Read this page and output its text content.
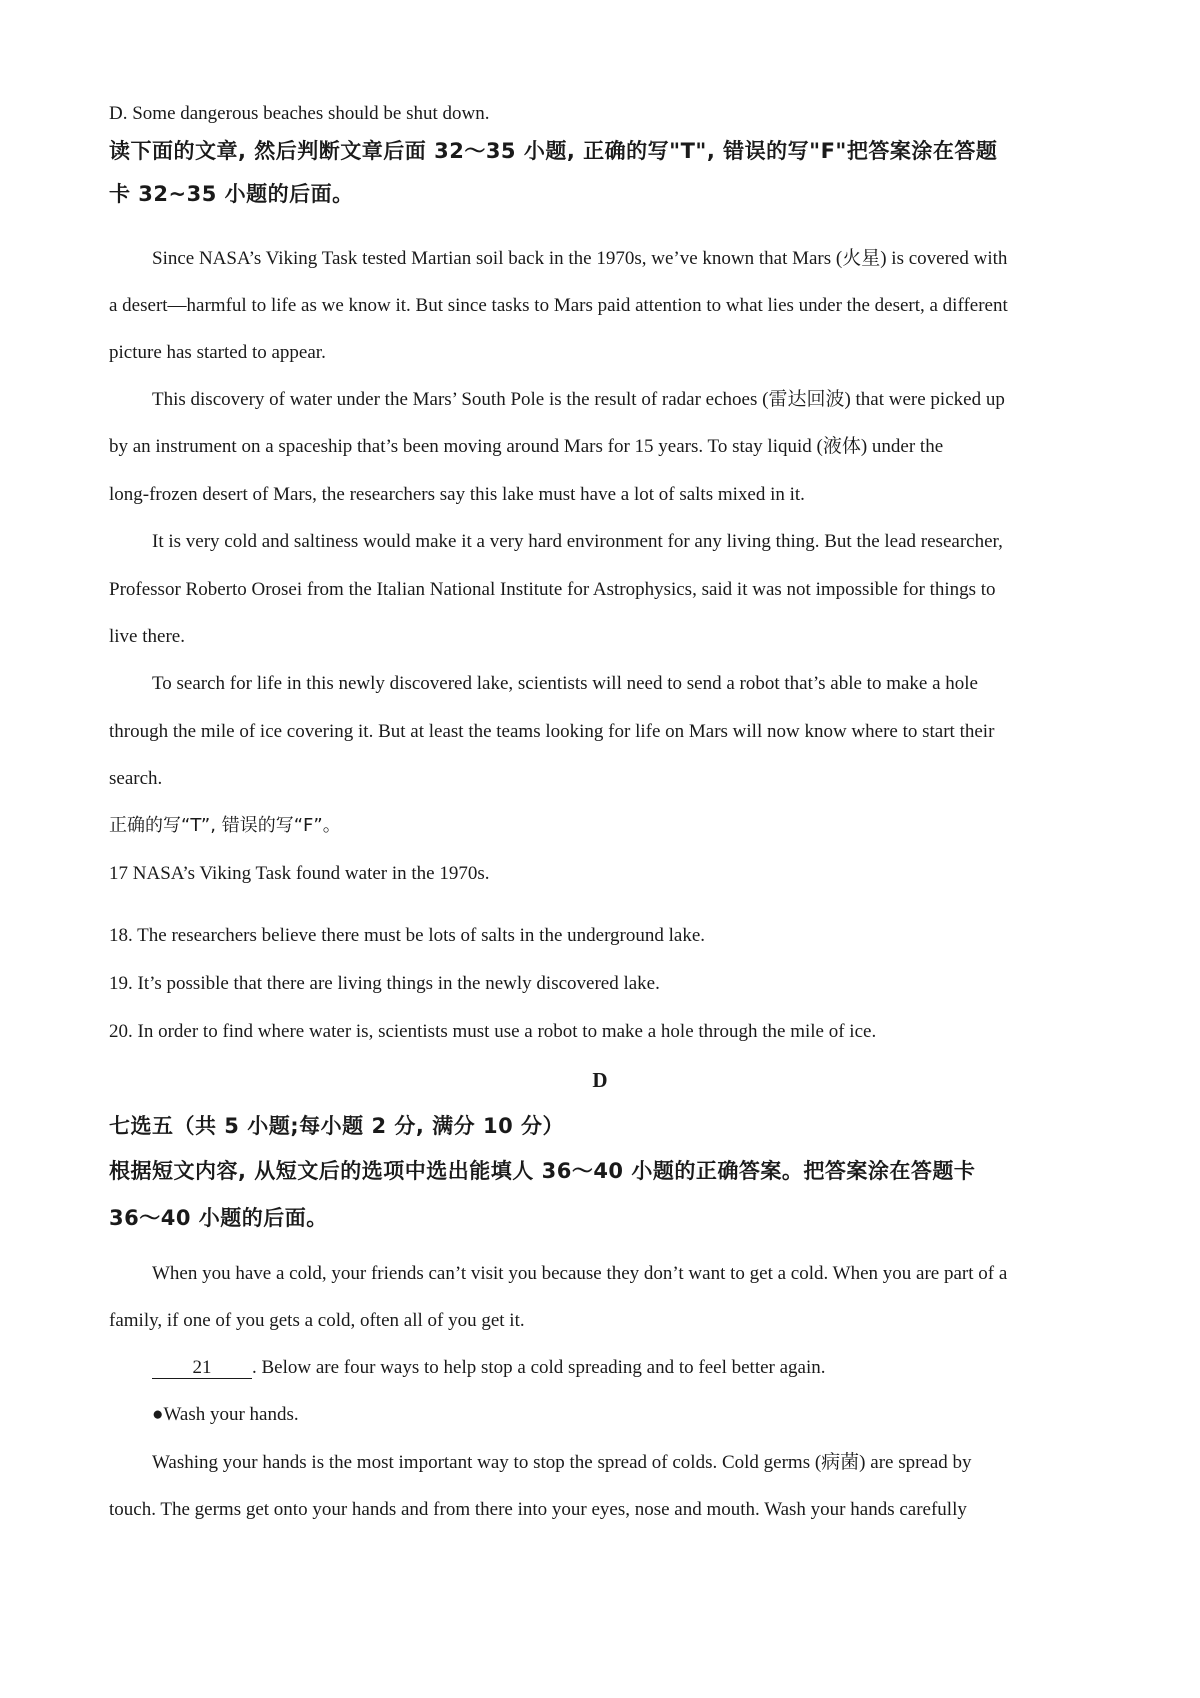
D. Some dangerous beaches should be shut down.
读下面的文章, 然后判断文章后面 32～35 小题, 正确的写"T", 错误的写"F"把答案涂在答题
卡 32~35 小题的后面。
Since NASA’s Viking Task tested Martian soil back in the 1970s, we’ve known that Mars (火星) is covered with
a desert—harmful to life as we know it. But since tasks to Mars paid attention to what lies under the desert, a different
picture has started to appear.
This discovery of water under the Mars’ South Pole is the result of radar echoes (雷达回波) that were picked up
by an instrument on a spaceship that’s been moving around Mars for 15 years. To stay liquid (液体) under the
long-frozen desert of Mars, the researchers say this lake must have a lot of salts mixed in it.
It is very cold and saltiness would make it a very hard environment for any living thing. But the lead researcher,
Professor Roberto Orosei from the Italian National Institute for Astrophysics, said it was not impossible for things to
live there.
To search for life in this newly discovered lake, scientists will need to send a robot that’s able to make a hole
through the mile of ice covering it. But at least the teams looking for life on Mars will now know where to start their
search.
正确的写“T”, 错误的写“F”。
17 NASA’s Viking Task found water in the 1970s.
18. The researchers believe there must be lots of salts in the underground lake.
19. It’s possible that there are living things in the newly discovered lake.
20. In order to find where water is, scientists must use a robot to make a hole through the mile of ice.
D
七选五（共 5 小题;每小题 2 分, 满分 10 分）
根据短文内容, 从短文后的选项中选出能填人 36～40 小题的正确答案。把答案涂在答题卡
36～40 小题的后面。
When you have a cold, your friends can’t visit you because they don’t want to get a cold. When you are part of a
family, if one of you gets a cold, often all of you get it.
21 . Below are four ways to help stop a cold spreading and to feel better again.
●Wash your hands.
Washing your hands is the most important way to stop the spread of colds. Cold germs (病菌) are spread by
touch. The germs get onto your hands and from there into your eyes, nose and mouth. Wash your hands carefully
